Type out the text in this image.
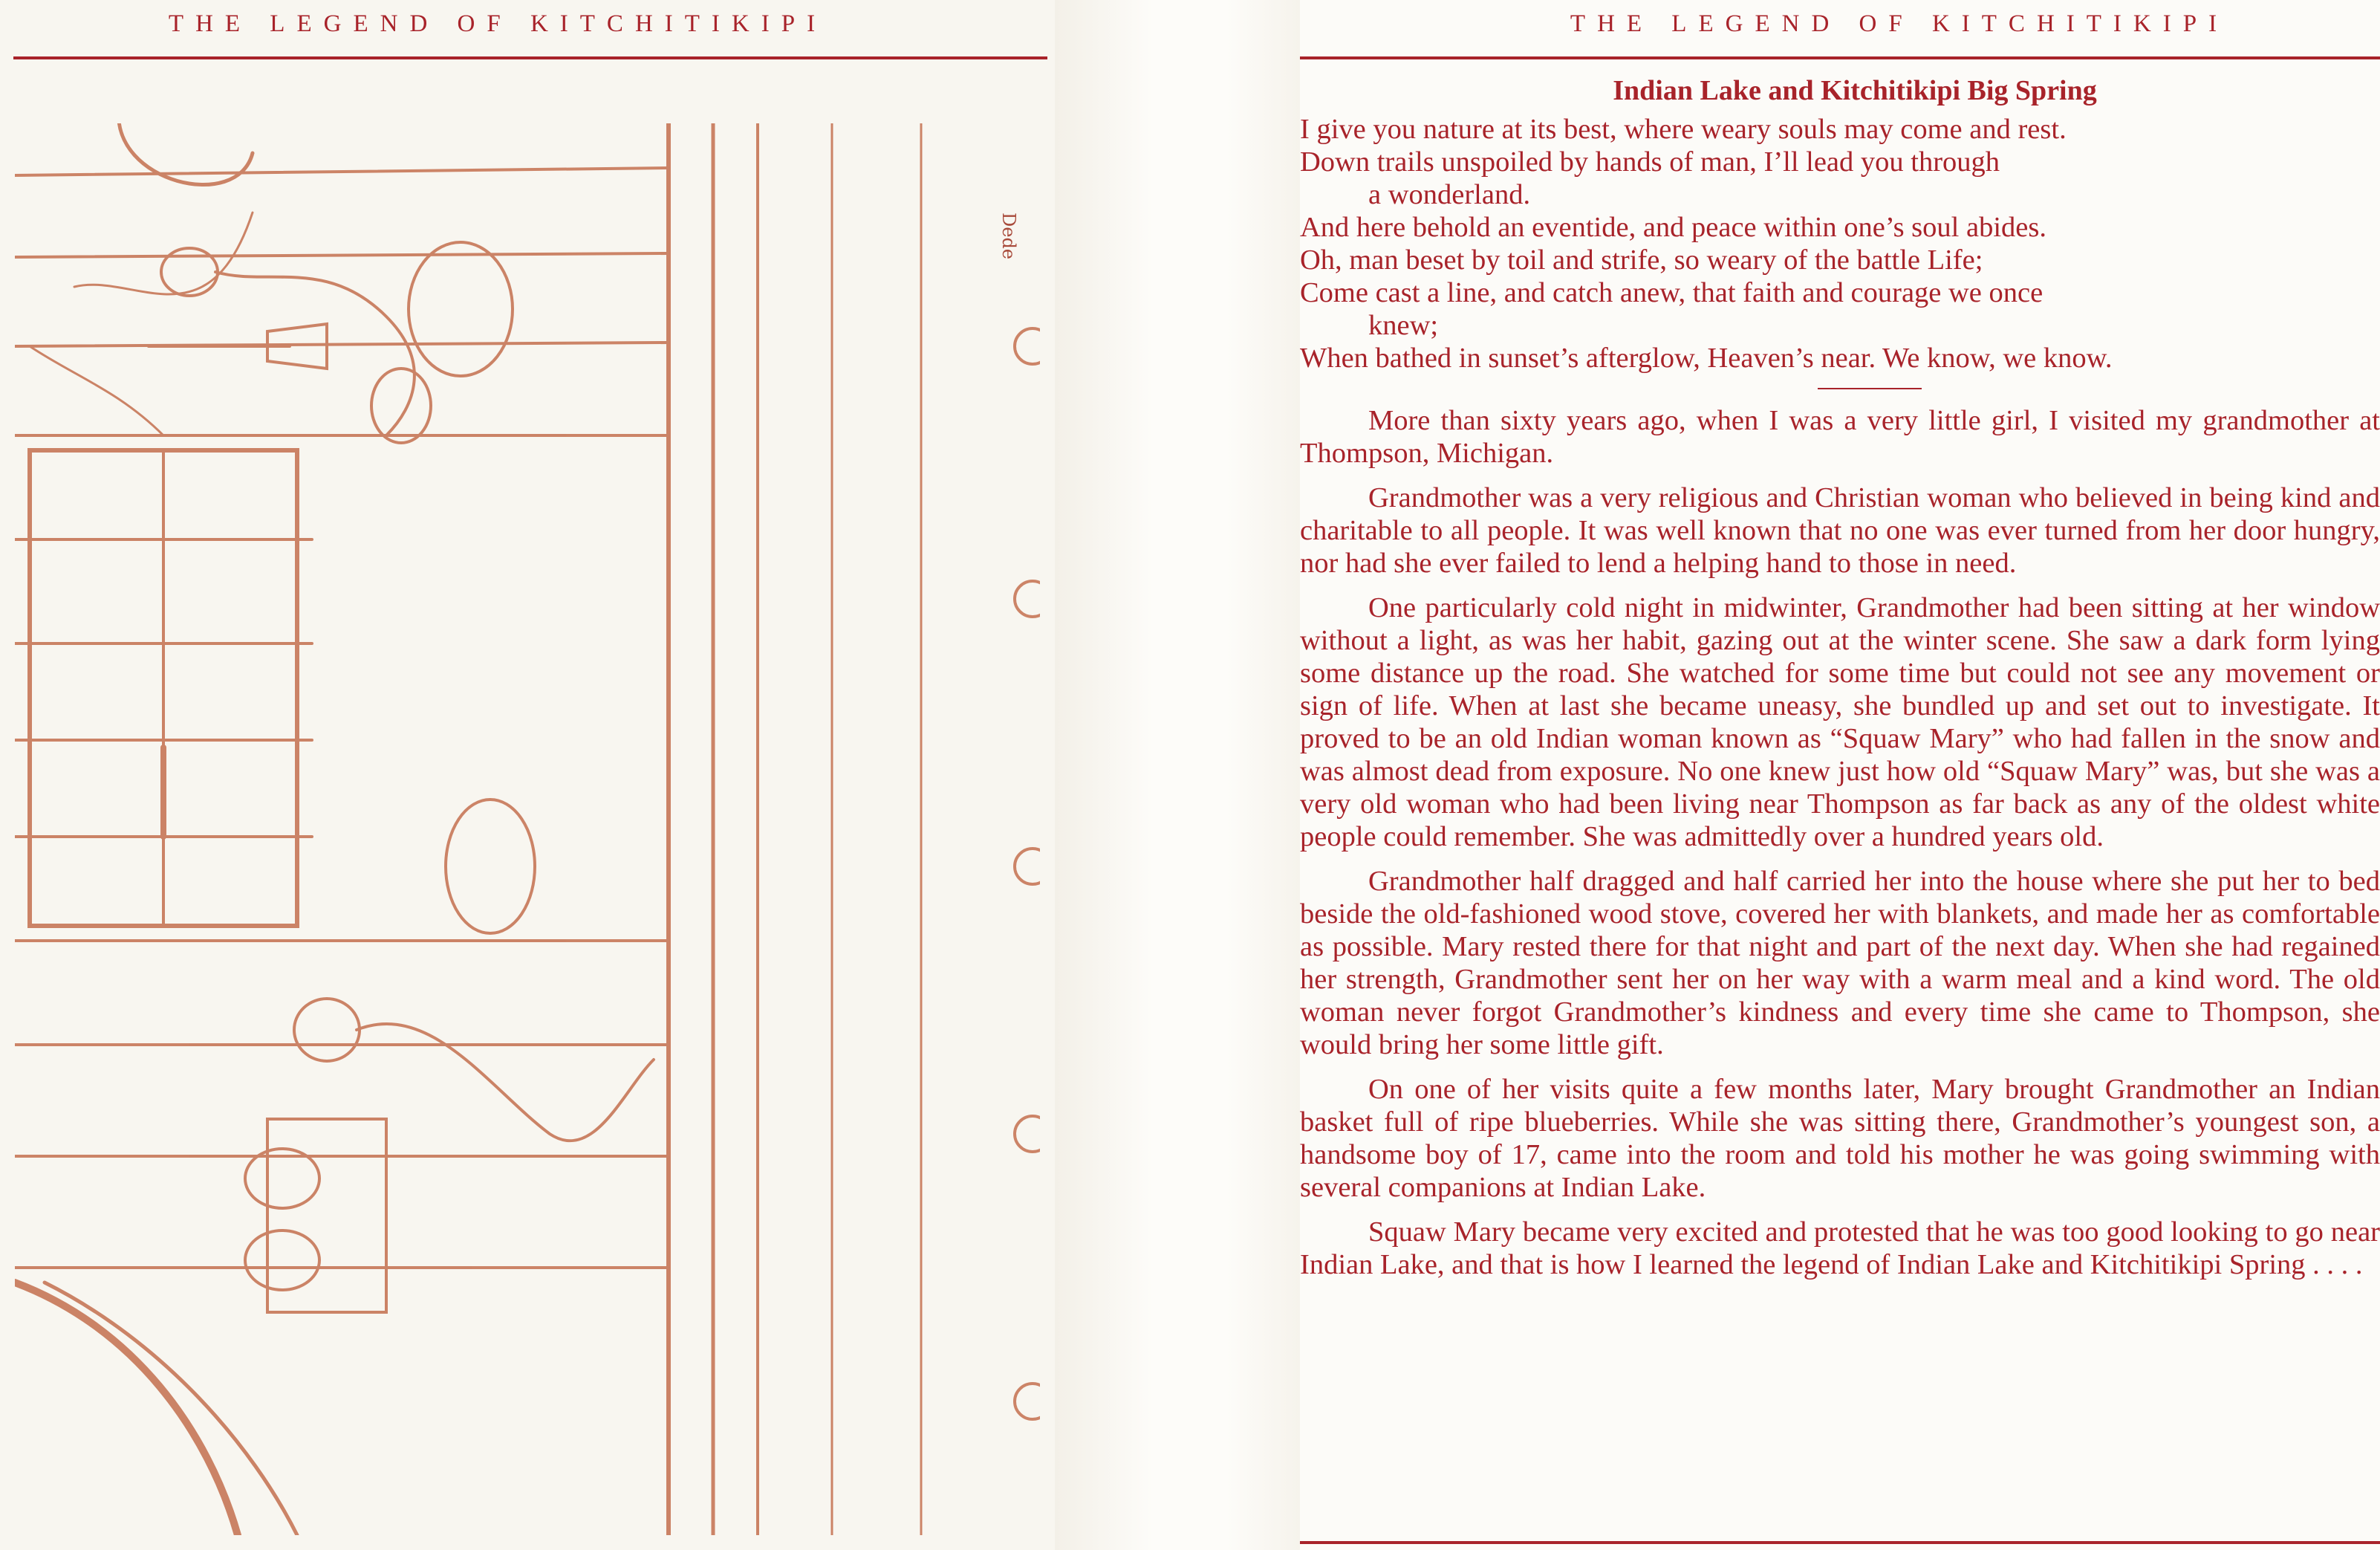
THE LEGEND OF KITCHITIKIPI
Dede
THE LEGEND OF KITCHITIKIPI
Indian Lake and Kitchitikipi Big Spring
I give you nature at its best, where weary souls may come and rest.
Down trails unspoiled by hands of man, I’ll lead you through
a wonderland.
And here behold an eventide, and peace within one’s soul abides.
Oh, man beset by toil and strife, so weary of the battle Life;
Come cast a line, and catch anew, that faith and courage we once
knew;
When bathed in sunset’s afterglow, Heaven’s near. We know, we know.

More than sixty years ago, when I was a very little girl, I visited my grandmother at Thompson, Michigan.

Grandmother was a very religious and Christian woman who believed in being kind and charitable to all people. It was well known that no one was ever turned from her door hungry, nor had she ever failed to lend a helping hand to those in need.

One particularly cold night in midwinter, Grandmother had been sitting at her window without a light, as was her habit, gazing out at the winter scene. She saw a dark form lying some distance up the road. She watched for some time but could not see any movement or sign of life. When at last she became uneasy, she bundled up and set out to investigate. It proved to be an old Indian woman known as “Squaw Mary” who had fallen in the snow and was almost dead from exposure. No one knew just how old “Squaw Mary” was, but she was a very old woman who had been living near Thompson as far back as any of the oldest white people could remember. She was admittedly over a hundred years old.

Grandmother half dragged and half carried her into the house where she put her to bed beside the old-fashioned wood stove, covered her with blankets, and made her as comfortable as possible. Mary rested there for that night and part of the next day. When she had regained her strength, Grandmother sent her on her way with a warm meal and a kind word. The old woman never forgot Grandmother’s kindness and every time she came to Thompson, she would bring her some little gift.

On one of her visits quite a few months later, Mary brought Grandmother an Indian basket full of ripe blueberries. While she was sitting there, Grandmother’s youngest son, a handsome boy of 17, came into the room and told his mother he was going swimming with several companions at Indian Lake.

Squaw Mary became very excited and protested that he was too good looking to go near Indian Lake, and that is how I learned the legend of Indian Lake and Kitchitikipi Spring . . . .
